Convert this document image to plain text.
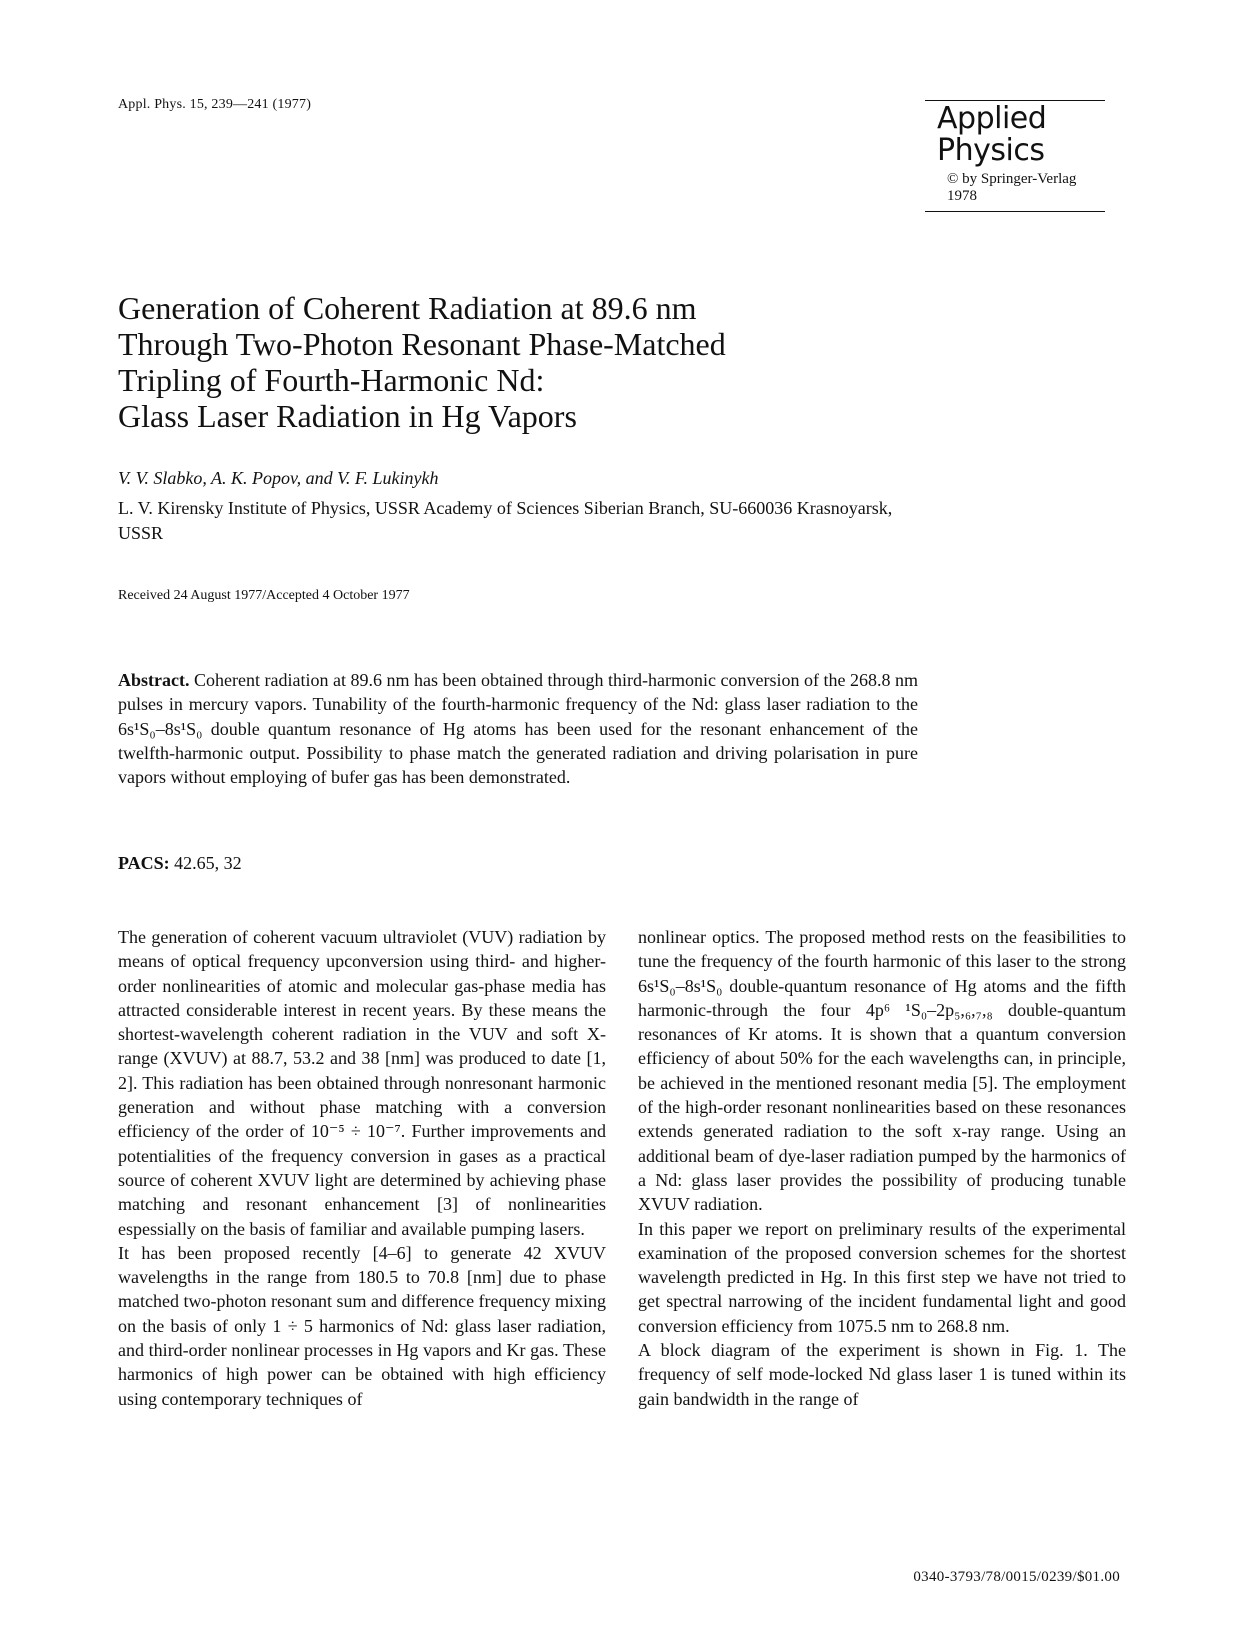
Appl. Phys. 15, 239—241 (1977)	Applied
Physics
© by Springer-Verlag 1978
Generation of Coherent Radiation at 89.6 nm
Through Two-Photon Resonant Phase-Matched
Tripling of Fourth-Harmonic Nd:
Glass Laser Radiation in Hg Vapors
V. V. Slabko, A. K. Popov, and V. F. Lukinykh
L. V. Kirensky Institute of Physics, USSR Academy of Sciences Siberian Branch, SU-660036 Krasnoyarsk, USSR
Received 24 August 1977/Accepted 4 October 1977
Abstract. Coherent radiation at 89.6 nm has been obtained through third-harmonic conversion of the 268.8 nm pulses in mercury vapors. Tunability of the fourth-harmonic frequency of the Nd: glass laser radiation to the 6s¹S₀–8s¹S₀ double quantum resonance of Hg atoms has been used for the resonant enhancement of the twelfth-harmonic output. Possibility to phase match the generated radiation and driving polarisation in pure vapors without employing of bufer gas has been demonstrated.
PACS: 42.65, 32

The generation of coherent vacuum ultraviolet (VUV) radiation by means of optical frequency upconversion using third- and higher-order nonlinearities of atomic and molecular gas-phase media has attracted considerable interest in recent years. By these means the shortest-wavelength coherent radiation in the VUV and soft X-range (XVUV) at 88.7, 53.2 and 38 [nm] was produced to date [1, 2]. This radiation has been obtained through nonresonant harmonic generation and without phase matching with a conversion efficiency of the order of 10⁻⁵ ÷ 10⁻⁷. Further improvements and potentialities of the frequency conversion in gases as a practical source of coherent XVUV light are determined by achieving phase matching and resonant enhancement [3] of nonlinearities espessially on the basis of familiar and available pumping lasers.

It has been proposed recently [4–6] to generate 42 XVUV wavelengths in the range from 180.5 to 70.8 [nm] due to phase matched two-photon resonant sum and difference frequency mixing on the basis of only 1 ÷ 5 harmonics of Nd: glass laser radiation, and third-order nonlinear processes in Hg vapors and Kr gas. These harmonics of high power can be obtained with high efficiency using contemporary techniques of

nonlinear optics. The proposed method rests on the feasibilities to tune the frequency of the fourth harmonic of this laser to the strong 6s¹S₀–8s¹S₀ double-quantum resonance of Hg atoms and the fifth harmonic-through the four 4p⁶ ¹S₀–2p₅,₆,₇,₈ double-quantum resonances of Kr atoms. It is shown that a quantum conversion efficiency of about 50% for the each wavelengths can, in principle, be achieved in the mentioned resonant media [5]. The employment of the high-order resonant nonlinearities based on these resonances extends generated radiation to the soft x-ray range. Using an additional beam of dye-laser radiation pumped by the harmonics of a Nd: glass laser provides the possibility of producing tunable XVUV radiation.

In this paper we report on preliminary results of the experimental examination of the proposed conversion schemes for the shortest wavelength predicted in Hg. In this first step we have not tried to get spectral narrowing of the incident fundamental light and good conversion efficiency from 1075.5 nm to 268.8 nm.

A block diagram of the experiment is shown in Fig. 1. The frequency of self mode-locked Nd glass laser 1 is tuned within its gain bandwidth in the range of

0340-3793/78/0015/0239/$01.00
